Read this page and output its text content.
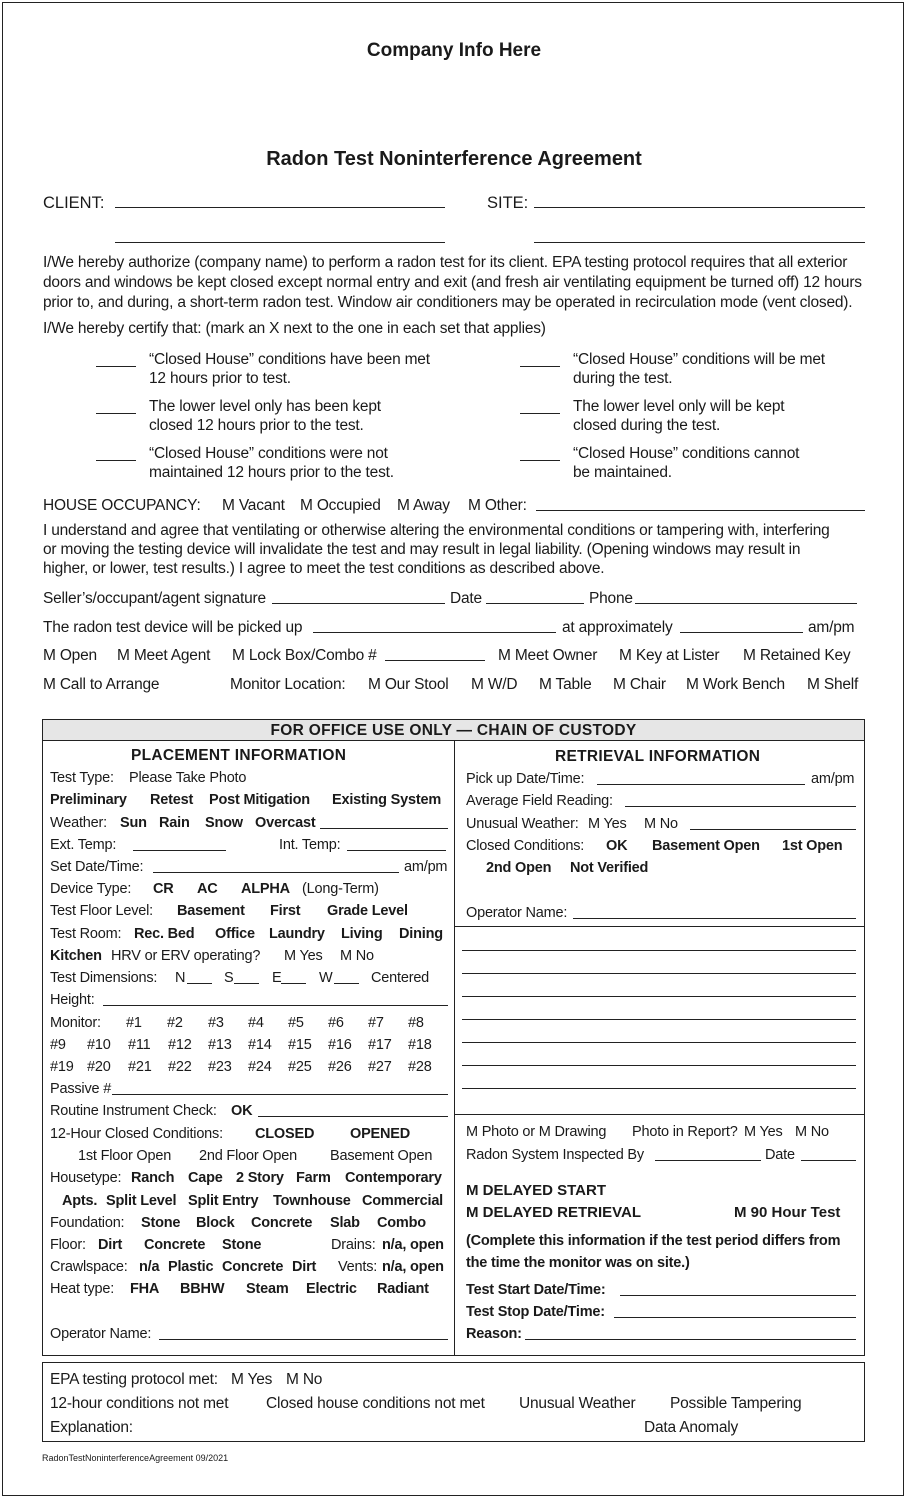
Company Info Here
Radon Test Noninterference Agreement
CLIENT:	SITE:
I/We hereby authorize (company name) to perform a radon test for its client. EPA testing protocol requires that all exterior
doors and windows be kept closed except normal entry and exit (and fresh air ventilating equipment be turned off) 12 hours
prior to, and during, a short-term radon test. Window air conditioners may be operated in recirculation mode (vent closed).
I/We hereby certify that: (mark an X next to the one in each set that applies)
“Closed House” conditions have been met
12 hours prior to test.
“Closed House” conditions will be met
during the test.
The lower level only has been kept
closed 12 hours prior to the test.
The lower level only will be kept
closed during the test.
“Closed House” conditions were not
maintained 12 hours prior to the test.
“Closed House” conditions cannot
be maintained.
HOUSE OCCUPANCY: M Vacant M Occupied M Away M Other:
I understand and agree that ventilating or otherwise altering the environmental conditions or tampering with, interfering
or moving the testing device will invalidate the test and may result in legal liability. (Opening windows may result in
higher, or lower, test results.) I agree to meet the test conditions as described above.
Seller’s/occupant/agent signature	Date	Phone
The radon test device will be picked up	at approximately	am/pm
M Open M Meet Agent M Lock Box/Combo #	M Meet Owner M Key at Lister M Retained Key
M Call to Arrange	Monitor Location: M Our Stool M W/D M Table M Chair M Work Bench M Shelf
FOR OFFICE USE ONLY — CHAIN OF CUSTODY
PLACEMENT INFORMATION
Test Type: Please Take Photo
Preliminary Retest Post Mitigation Existing System
Weather: Sun Rain Snow Overcast
Ext. Temp:	Int. Temp:
Set Date/Time:	am/pm
Device Type: CR AC ALPHA (Long-Term)
Test Floor Level: Basement First Grade Level
Test Room: Rec. Bed Office Laundry Living Dining
Kitchen HRV or ERV operating? M Yes M No
Test Dimensions: N	S	E	W	Centered
Height:
Monitor: #1 #2 #3 #4 #5 #6 #7 #8
#9 #10 #11 #12 #13 #14 #15 #16 #17 #18
#19 #20 #21 #22 #23 #24 #25 #26 #27 #28
Passive #
Routine Instrument Check: OK
12-Hour Closed Conditions: CLOSED OPENED
1st Floor Open 2nd Floor Open Basement Open
Housetype: Ranch Cape 2 Story Farm Contemporary
Apts. Split Level Split Entry Townhouse Commercial
Foundation: Stone Block Concrete Slab Combo
Floor: Dirt Concrete Stone	Drains: n/a, open
Crawlspace: n/a Plastic Concrete Dirt Vents: n/a, open
Heat type: FHA BBHW Steam Electric Radiant
Operator Name:
RETRIEVAL INFORMATION
Pick up Date/Time:	am/pm
Average Field Reading:
Unusual Weather: M Yes M No
Closed Conditions: OK Basement Open 1st Open
2nd Open Not Verified
Operator Name:
M Photo or M Drawing Photo in Report? M Yes M No
Radon System Inspected By	Date
M DELAYED START
M DELAYED RETRIEVAL	M 90 Hour Test
(Complete this information if the test period differs from
the time the monitor was on site.)
Test Start Date/Time:
Test Stop Date/Time:
Reason:
EPA testing protocol met: M Yes M No
12-hour conditions not met Closed house conditions not met Unusual Weather Possible Tampering
Explanation:	Data Anomaly
RadonTestNoninterferenceAgreement 09/2021
